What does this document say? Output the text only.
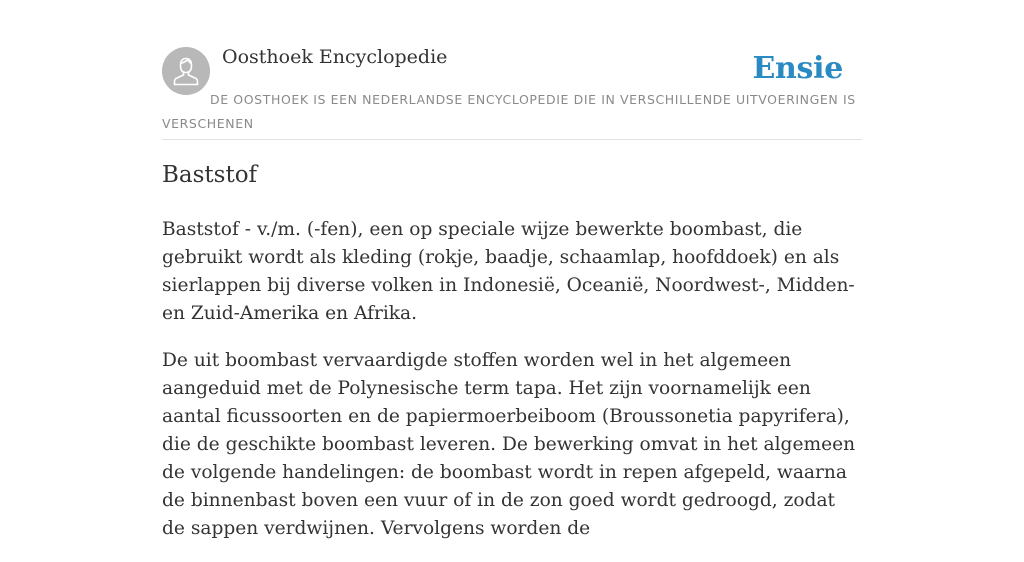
Oosthoek Encyclopedie	Ensie
DE OOSTHOEK IS EEN NEDERLANDSE ENCYCLOPEDIE DIE IN VERSCHILLENDE UITVOERINGEN IS VERSCHENEN
Baststof

Baststof - v./m. (-fen), een op speciale wijze bewerkte boombast, die gebruikt wordt als kleding (rokje, baadje, schaamlap, hoofddoek) en als sierlappen bij diverse volken in Indonesië, Oceanië, Noordwest-, Midden- en Zuid-Amerika en Afrika.

De uit boombast vervaardigde stoffen worden wel in het algemeen aangeduid met de Polynesische term tapa. Het zijn voornamelijk een aantal ficussoorten en de papiermoerbeiboom (Broussonetia papyrifera), die de geschikte boombast leveren. De bewerking omvat in het algemeen de volgende handelingen: de boombast wordt in repen afgepeld, waarna de binnenbast boven een vuur of in de zon goed wordt gedroogd, zodat de sappen verdwijnen. Vervolgens worden de
